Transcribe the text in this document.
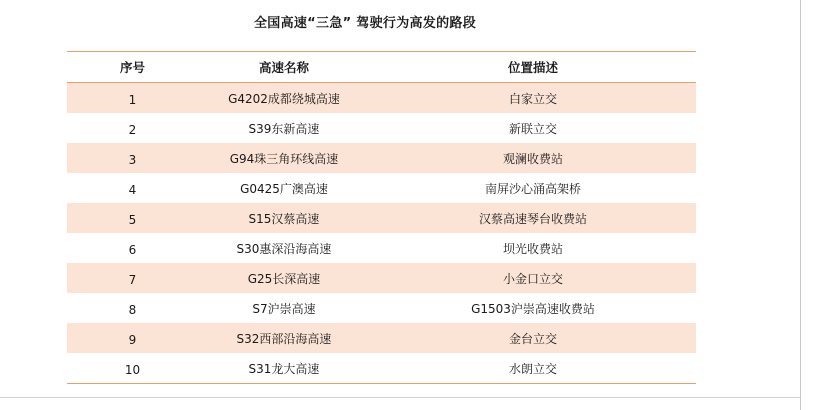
全国高速“三急” 驾驶行为高发的路段
序号	高速名称	位置描述
1	G4202成都绕城高速	白家立交
2	S39东新高速	新联立交
3	G94珠三角环线高速	观澜收费站
4	G0425广澳高速	南屏沙心涌高架桥
5	S15汉蔡高速	汉蔡高速琴台收费站
6	S30惠深沿海高速	坝光收费站
7	G25长深高速	小金口立交
8	S7沪崇高速	G1503沪崇高速收费站
9	S32西部沿海高速	金台立交
10	S31龙大高速	水朗立交
